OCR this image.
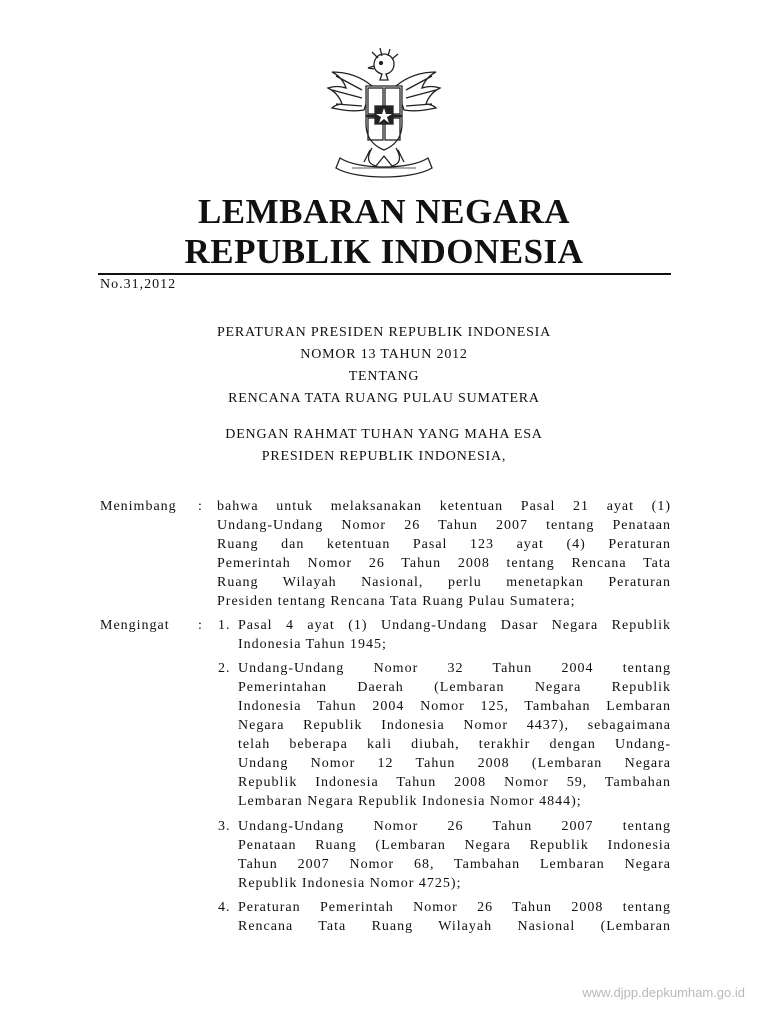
LEMBARAN NEGARA
REPUBLIK INDONESIA
No.31,2012
PERATURAN PRESIDEN REPUBLIK INDONESIA
NOMOR 13 TAHUN 2012
TENTANG
RENCANA TATA RUANG PULAU SUMATERA
DENGAN RAHMAT TUHAN YANG MAHA ESA
PRESIDEN REPUBLIK INDONESIA,
Menimbang : bahwa untuk melaksanakan ketentuan Pasal 21 ayat (1)
Undang-Undang Nomor 26 Tahun 2007 tentang Penataan
Ruang dan ketentuan Pasal 123 ayat (4) Peraturan
Pemerintah Nomor 26 Tahun 2008 tentang Rencana Tata
Ruang Wilayah Nasional, perlu menetapkan Peraturan
Presiden tentang Rencana Tata Ruang Pulau Sumatera;
Mengingat : 1. Pasal 4 ayat (1) Undang-Undang Dasar Negara Republik
Indonesia Tahun 1945;
2. Undang-Undang Nomor 32 Tahun 2004 tentang
Pemerintahan Daerah (Lembaran Negara Republik
Indonesia Tahun 2004 Nomor 125, Tambahan Lembaran
Negara Republik Indonesia Nomor 4437), sebagaimana
telah beberapa kali diubah, terakhir dengan Undang-
Undang Nomor 12 Tahun 2008 (Lembaran Negara
Republik Indonesia Tahun 2008 Nomor 59, Tambahan
Lembaran Negara Republik Indonesia Nomor 4844);
3. Undang-Undang Nomor 26 Tahun 2007 tentang
Penataan Ruang (Lembaran Negara Republik Indonesia
Tahun 2007 Nomor 68, Tambahan Lembaran Negara
Republik Indonesia Nomor 4725);
4. Peraturan Pemerintah Nomor 26 Tahun 2008 tentang
Rencana Tata Ruang Wilayah Nasional (Lembaran
www.djpp.depkumham.go.id
